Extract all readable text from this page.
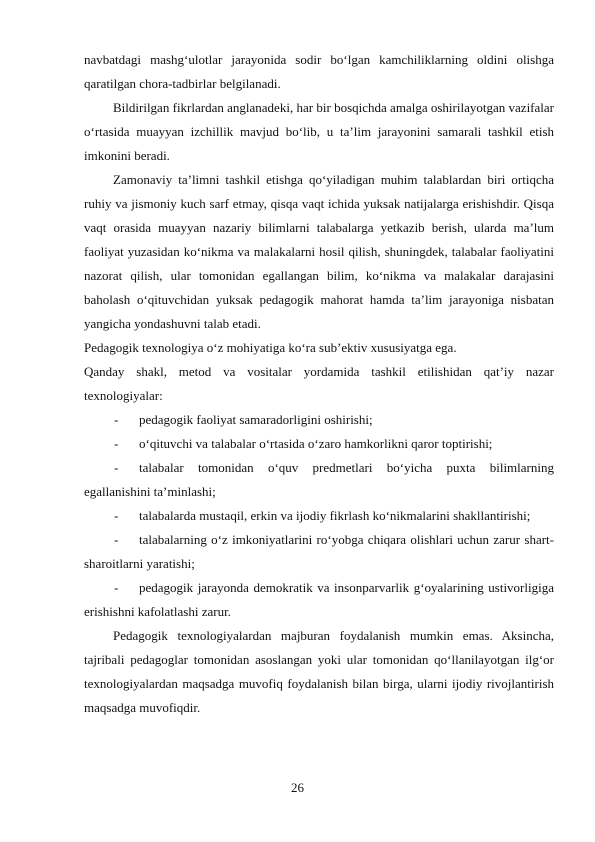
navbatdagi mashg‘ulotlar jarayonida sodir bo‘lgan kamchiliklarning oldini olishga qaratilgan chora-tadbirlar belgilanadi.

Bildirilgan fikrlardan anglanadeki, har bir bosqichda amalga oshirilayotgan vazifalar o‘rtasida muayyan izchillik mavjud bo‘lib, u ta’lim jarayonini samarali tashkil etish imkonini beradi.

Zamonaviy ta’limni tashkil etishga qo‘yiladigan muhim talablardan biri ortiqcha ruhiy va jismoniy kuch sarf etmay, qisqa vaqt ichida yuksak natijalarga erishishdir. Qisqa vaqt orasida muayyan nazariy bilimlarni talabalarga yetkazib berish, ularda ma’lum faoliyat yuzasidan ko‘nikma va malakalarni hosil qilish, shuningdek, talabalar faoliyatini nazorat qilish, ular tomonidan egallangan bilim, ko‘nikma va malakalar darajasini baholash o‘qituvchidan yuksak pedagogik mahorat hamda ta’lim jarayoniga nisbatan yangicha yondashuvni talab etadi.

Pedagogik texnologiya o‘z mohiyatiga ko‘ra sub’ektiv xususiyatga ega.

Qanday shakl, metod va vositalar yordamida tashkil etilishidan qat’iy nazar texnologiyalar:

- pedagogik faoliyat samaradorligini oshirishi;

- o‘qituvchi va talabalar o‘rtasida o‘zaro hamkorlikni qaror toptirishi;

- talabalar tomonidan o‘quv predmetlari bo‘yicha puxta bilimlarning egallanishini ta’minlashi;

- talabalarda mustaqil, erkin va ijodiy fikrlash ko‘nikmalarini shakllantirishi;

- talabalarning o‘z imkoniyatlarini ro‘yobga chiqara olishlari uchun zarur shart-sharoitlarni yaratishi;

- pedagogik jarayonda demokratik va insonparvarlik g‘oyalarining ustivorligiga erishishni kafolatlashi zarur.

Pedagogik texnologiyalardan majburan foydalanish mumkin emas. Aksincha, tajribali pedagoglar tomonidan asoslangan yoki ular tomonidan qo‘llanilayotgan ilg‘or texnologiyalardan maqsadga muvofiq foydalanish bilan birga, ularni ijodiy rivojlantirish maqsadga muvofiqdir.

26
